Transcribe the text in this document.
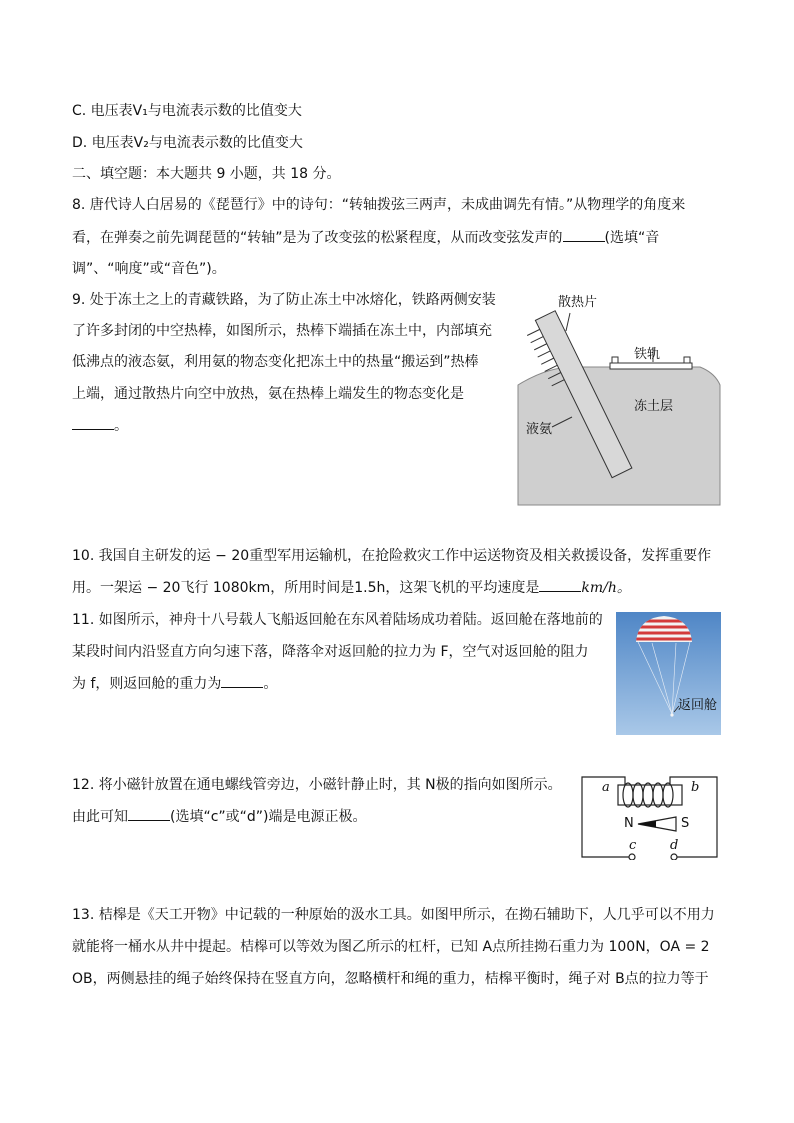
C. 电压表V₁与电流表示数的比值变大
D. 电压表V₂与电流表示数的比值变大
二、填空题：本大题共 9 小题，共 18 分。
8. 唐代诗人白居易的《琵琶行》中的诗句：“转轴拨弦三两声，未成曲调先有情。”从物理学的角度来
看，在弹奏之前先调琵琶的“转轴”是为了改变弦的松紧程度，从而改变弦发声的	(选填“音
调”、“响度”或“音色”)。
9. 处于冻土之上的青藏铁路，为了防止冻土中冰熔化，铁路两侧安装
了许多封闭的中空热棒，如图所示，热棒下端插在冻土中，内部填充
低沸点的液态氨，利用氨的物态变化把冻土中的热量“搬运到”热棒
上端，通过散热片向空中放热，氨在热棒上端发生的物态变化是
。
10. 我国自主研发的运 − 20重型军用运输机，在抢险救灾工作中运送物资及相关救援设备，发挥重要作
用。一架运 − 20飞行 1080km，所用时间是1.5h，这架飞机的平均速度是	km/h。
11. 如图所示，神舟十八号载人飞船返回舱在东风着陆场成功着陆。返回舱在落地前的
某段时间内沿竖直方向匀速下落，降落伞对返回舱的拉力为 F，空气对返回舱的阻力
为 f，则返回舱的重力为	。
12. 将小磁针放置在通电螺线管旁边，小磁针静止时，其 N极的指向如图所示。
由此可知	(选填“c”或“d”)端是电源正极。
13. 桔槔是《天工开物》中记载的一种原始的汲水工具。如图甲所示，在拗石辅助下，人几乎可以不用力
就能将一桶水从井中提起。桔槔可以等效为图乙所示的杠杆，已知 A点所挂拗石重力为 100N，OA = 2
OB，两侧悬挂的绳子始终保持在竖直方向，忽略横杆和绳的重力，桔槔平衡时，绳子对 B点的拉力等于
散热片
铁轨
冻土层
液氨
返回舱
a	b
N	S
c	d
